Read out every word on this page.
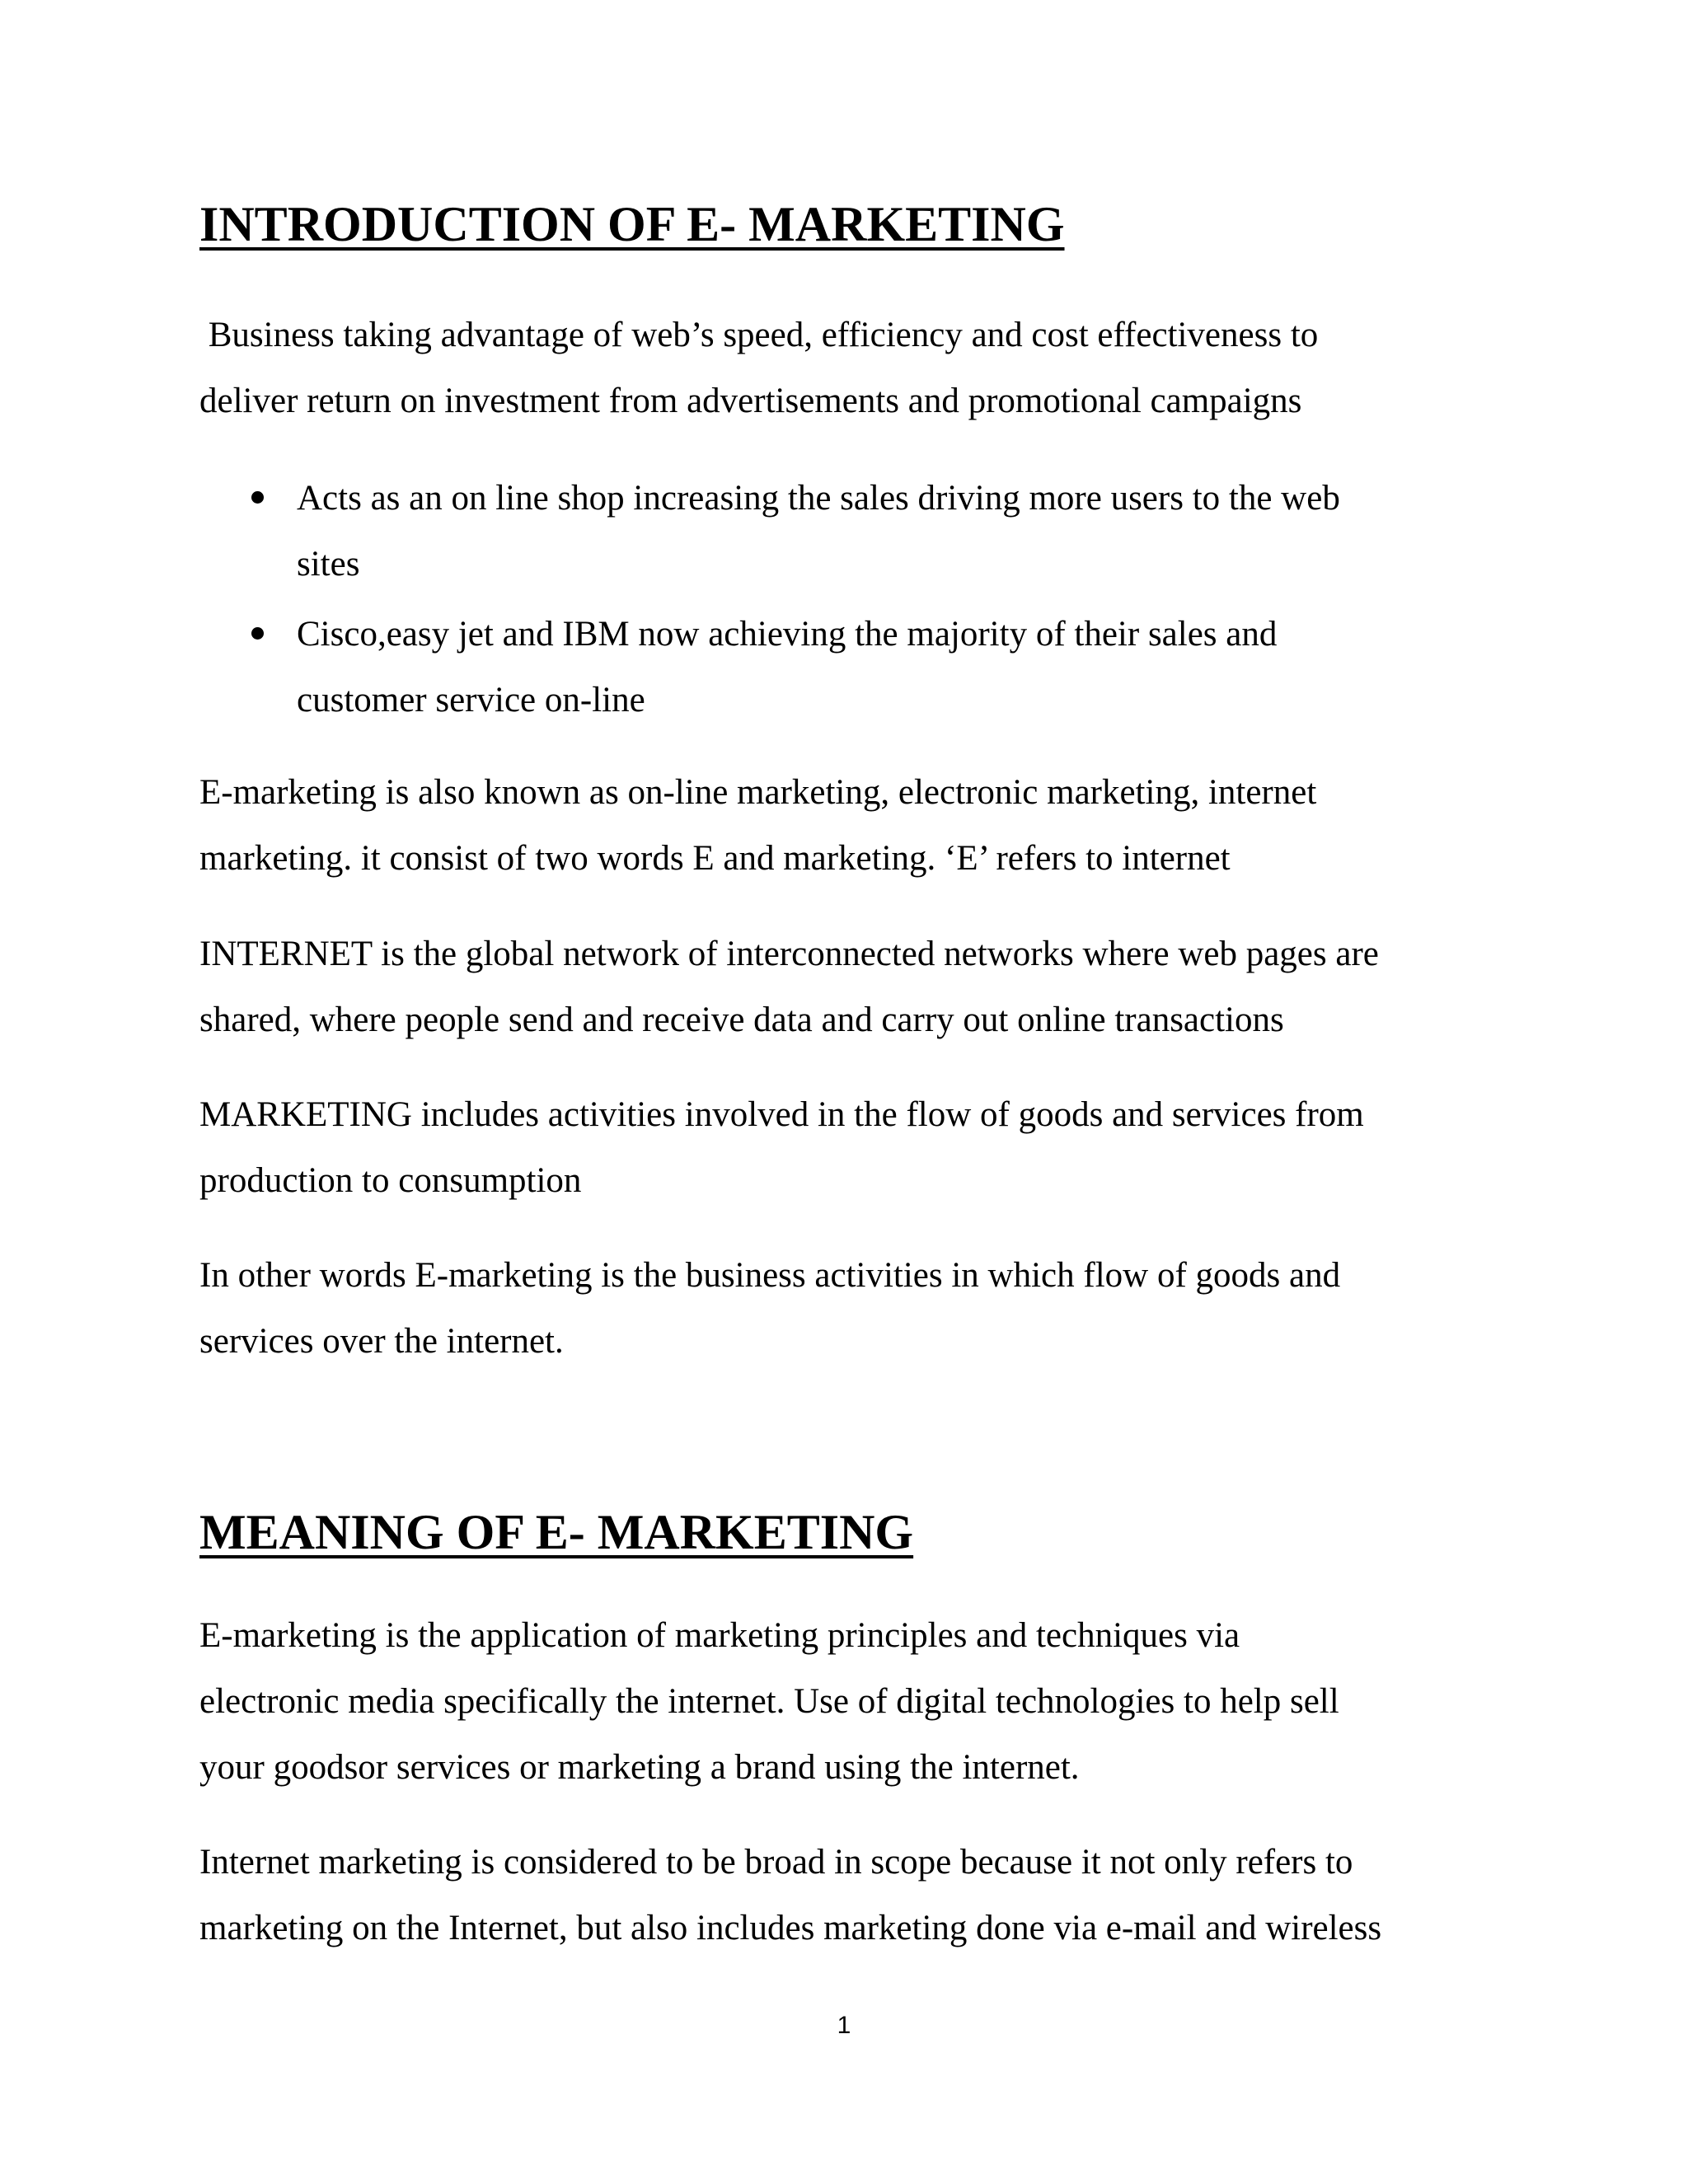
INTRODUCTION OF E- MARKETING

Business taking advantage of web’s speed, efficiency and cost effectiveness to
deliver return on investment from advertisements and promotional campaigns

Acts as an on line shop increasing the sales driving more users to the web
sites
Cisco,easy jet and IBM now achieving the majority of their sales and
customer service on-line

E-marketing is also known as on-line marketing, electronic marketing, internet
marketing. it consist of two words E and marketing. ‘E’ refers to internet

INTERNET is the global network of interconnected networks where web pages are
shared, where people send and receive data and carry out online transactions

MARKETING includes activities involved in the flow of goods and services from
production to consumption

In other words E-marketing is the business activities in which flow of goods and
services over the internet.

MEANING OF E- MARKETING

E-marketing is the application of marketing principles and techniques via
electronic media specifically the internet. Use of digital technologies to help sell
your goodsor services or marketing a brand using the internet.

Internet marketing is considered to be broad in scope because it not only refers to
marketing on the Internet, but also includes marketing done via e-mail and wireless

1
